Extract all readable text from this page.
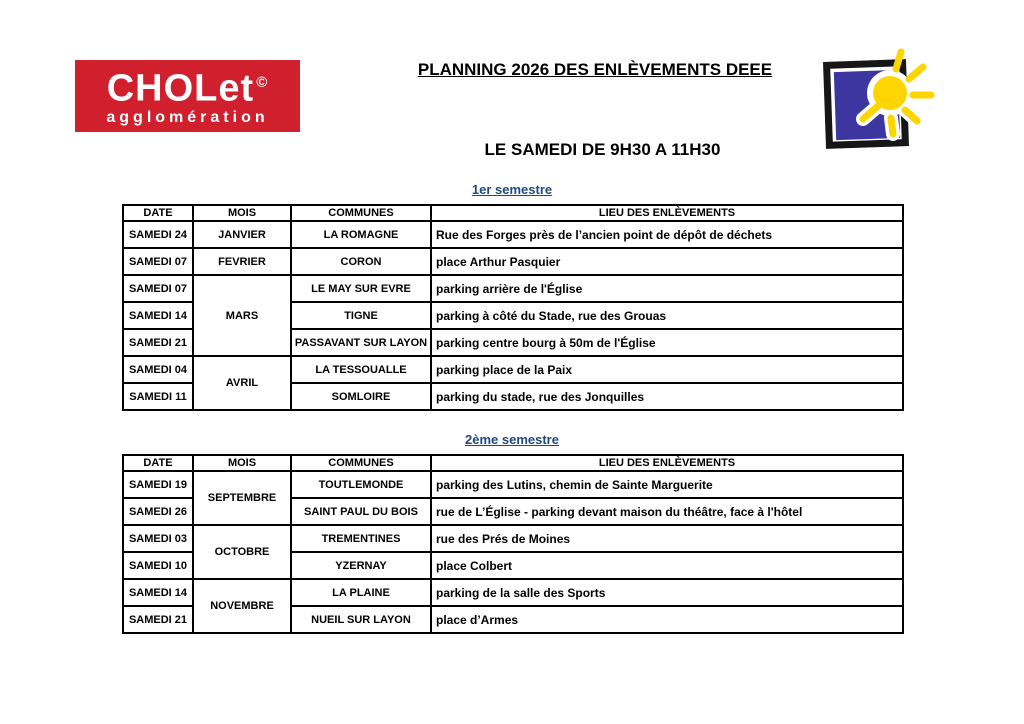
CHOLet ©
agglomération
PLANNING 2026 DES ENLÈVEMENTS DEEE
LE SAMEDI DE 9H30 A 11H30
1er semestre
DATE	MOIS	COMMUNES	LIEU DES ENLÈVEMENTS
SAMEDI 24	JANVIER	LA ROMAGNE	Rue des Forges près de l’ancien point de dépôt de déchets
SAMEDI 07	FEVRIER	CORON	place Arthur Pasquier
SAMEDI 07	MARS	LE MAY SUR EVRE	parking arrière de l'Église
SAMEDI 14		TIGNE	parking à côté du Stade, rue des Grouas
SAMEDI 21		PASSAVANT SUR LAYON	parking centre bourg à 50m de l'Église
SAMEDI 04	AVRIL	LA TESSOUALLE	parking place de la Paix
SAMEDI 11		SOMLOIRE	parking du stade, rue des Jonquilles
2ème semestre
DATE	MOIS	COMMUNES	LIEU DES ENLÈVEMENTS
SAMEDI 19	SEPTEMBRE	TOUTLEMONDE	parking des Lutins, chemin de Sainte Marguerite
SAMEDI 26		SAINT PAUL DU BOIS	rue de L’Église - parking devant maison du théâtre, face à l'hôtel
SAMEDI 03	OCTOBRE	TREMENTINES	rue des Prés de Moines
SAMEDI 10		YZERNAY	place Colbert
SAMEDI 14	NOVEMBRE	LA PLAINE	parking de la salle des Sports
SAMEDI 21		NUEIL SUR LAYON	place d’Armes
